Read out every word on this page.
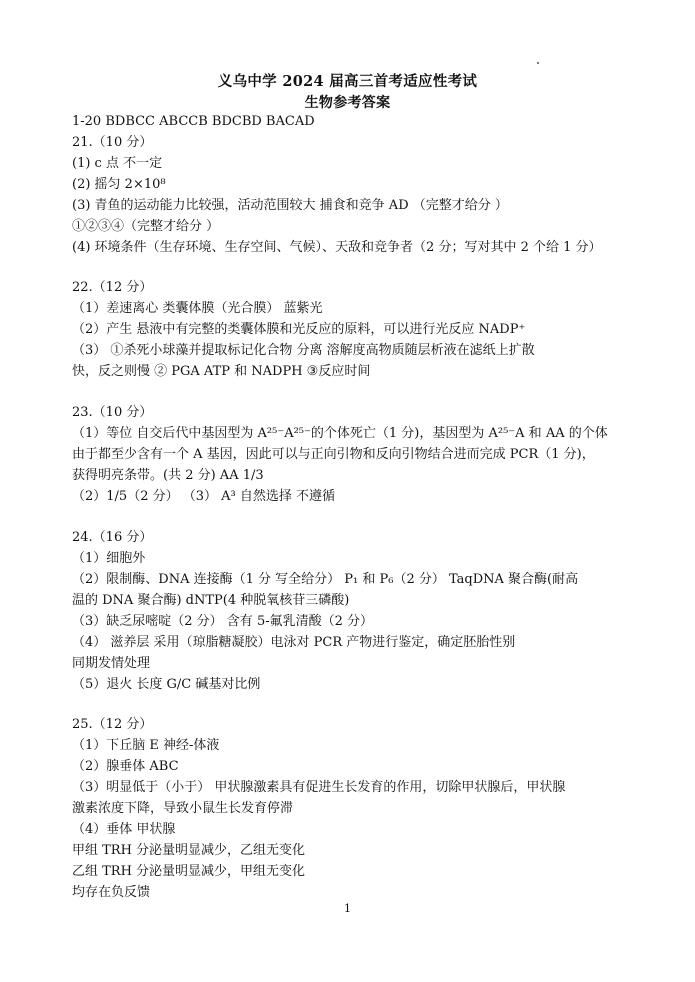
义乌中学 2024 届高三首考适应性考试
生物参考答案
1-20 BDBCC ABCCB BDCBD BACAD
21.（10 分）
(1) c 点 不一定
(2) 摇匀 2×10⁸
(3) 青鱼的运动能力比较强，活动范围较大 捕食和竞争 AD （完整才给分 ）
①②③④（完整才给分 ）
(4) 环境条件（生存环境、生存空间、气候）、天敌和竞争者（2 分；写对其中 2 个给 1 分）
22.（12 分）
（1）差速离心 类囊体膜（光合膜） 蓝紫光
（2）产生 悬液中有完整的类囊体膜和光反应的原料，可以进行光反应 NADP⁺
（3） ①杀死小球藻并提取标记化合物 分离 溶解度高物质随层析液在滤纸上扩散
快，反之则慢 ② PGA ATP 和 NADPH ③反应时间
23.（10 分）
（1）等位 自交后代中基因型为 A²⁵⁻A²⁵⁻的个体死亡（1 分)，基因型为 A²⁵⁻A 和 AA 的个体
由于都至少含有一个 A 基因，因此可以与正向引物和反向引物结合进而完成 PCR（1 分)，
获得明亮条带。(共 2 分) AA 1/3
（2）1/5（2 分） （3） A³ 自然选择 不遵循
24.（16 分）
（1）细胞外
（2）限制酶、DNA 连接酶（1 分 写全给分） P₁ 和 P₆（2 分） TaqDNA 聚合酶(耐高
温的 DNA 聚合酶) dNTP(4 种脱氧核苷三磷酸)
（3）缺乏尿嘧啶（2 分） 含有 5-氟乳清酸（2 分）
（4） 滋养层 采用（琼脂糖凝胶）电泳对 PCR 产物进行鉴定，确定胚胎性别
同期发情处理
（5）退火 长度 G/C 碱基对比例
25.（12 分）
（1）下丘脑 E 神经-体液
（2）腺垂体 ABC
（3）明显低于（小于） 甲状腺激素具有促进生长发育的作用，切除甲状腺后，甲状腺
激素浓度下降，导致小鼠生长发育停滞
（4）垂体 甲状腺
甲组 TRH 分泌量明显减少，乙组无变化
乙组 TRH 分泌量明显减少，甲组无变化
均存在负反馈
1
